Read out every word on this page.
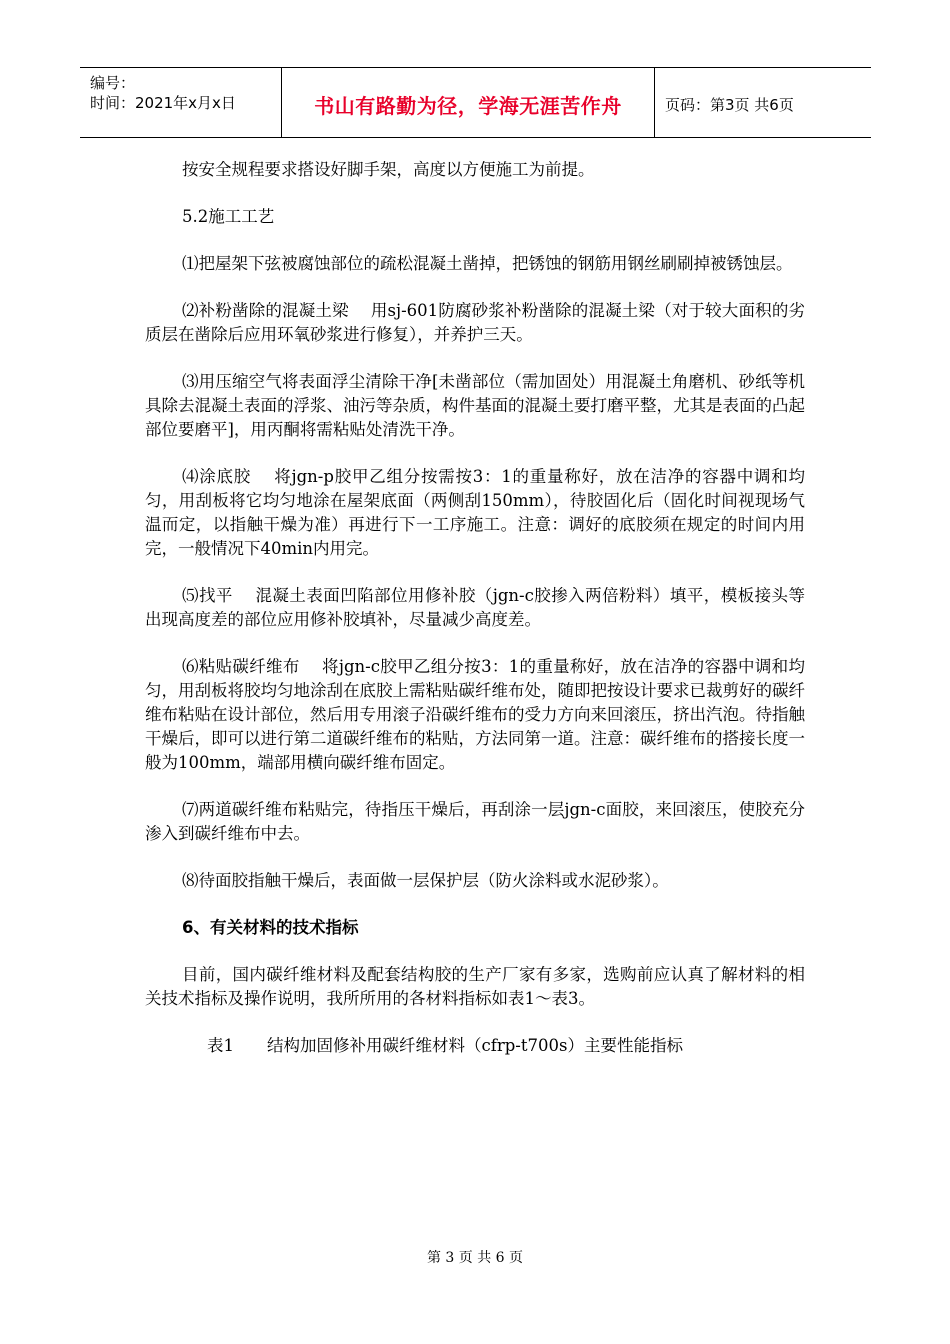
编号：
时间：2021年x月x日	书山有路勤为径，学海无涯苦作舟	页码：第3页 共6页

按安全规程要求搭设好脚手架，高度以方便施工为前提。

5.2施工工艺

⑴把屋架下弦被腐蚀部位的疏松混凝土凿掉，把锈蚀的钢筋用钢丝刷刷掉被锈蚀层。

⑵补粉凿除的混凝土梁　 用sj-601防腐砂浆补粉凿除的混凝土梁（对于较大面积的劣质层在凿除后应用环氧砂浆进行修复），并养护三天。

⑶用压缩空气将表面浮尘清除干净[未凿部位（需加固处）用混凝土角磨机、砂纸等机具除去混凝土表面的浮浆、油污等杂质，构件基面的混凝土要打磨平整，尤其是表面的凸起部位要磨平]，用丙酮将需粘贴处清洗干净。

⑷涂底胶　 将jgn-p胶甲乙组分按需按3：1的重量称好，放在洁净的容器中调和均匀，用刮板将它均匀地涂在屋架底面（两侧刮150mm），待胶固化后（固化时间视现场气温而定，以指触干燥为准）再进行下一工序施工。注意：调好的底胶须在规定的时间内用完，一般情况下40min内用完。

⑸找平　 混凝土表面凹陷部位用修补胶（jgn-c胶掺入两倍粉料）填平，模板接头等出现高度差的部位应用修补胶填补，尽量减少高度差。

⑹粘贴碳纤维布　 将jgn-c胶甲乙组分按3：1的重量称好，放在洁净的容器中调和均匀，用刮板将胶均匀地涂刮在底胶上需粘贴碳纤维布处，随即把按设计要求已裁剪好的碳纤维布粘贴在设计部位，然后用专用滚子沿碳纤维布的受力方向来回滚压，挤出汽泡。待指触干燥后，即可以进行第二道碳纤维布的粘贴，方法同第一道。注意：碳纤维布的搭接长度一般为100mm，端部用横向碳纤维布固定。

⑺两道碳纤维布粘贴完，待指压干燥后，再刮涂一层jgn-c面胶，来回滚压，使胶充分渗入到碳纤维布中去。

⑻待面胶指触干燥后，表面做一层保护层（防火涂料或水泥砂浆）。

6、有关材料的技术指标

目前，国内碳纤维材料及配套结构胶的生产厂家有多家，选购前应认真了解材料的相关技术指标及操作说明，我所所用的各材料指标如表1～表3。

表1　　结构加固修补用碳纤维材料（cfrp-t700s）主要性能指标

第 3 页 共 6 页
